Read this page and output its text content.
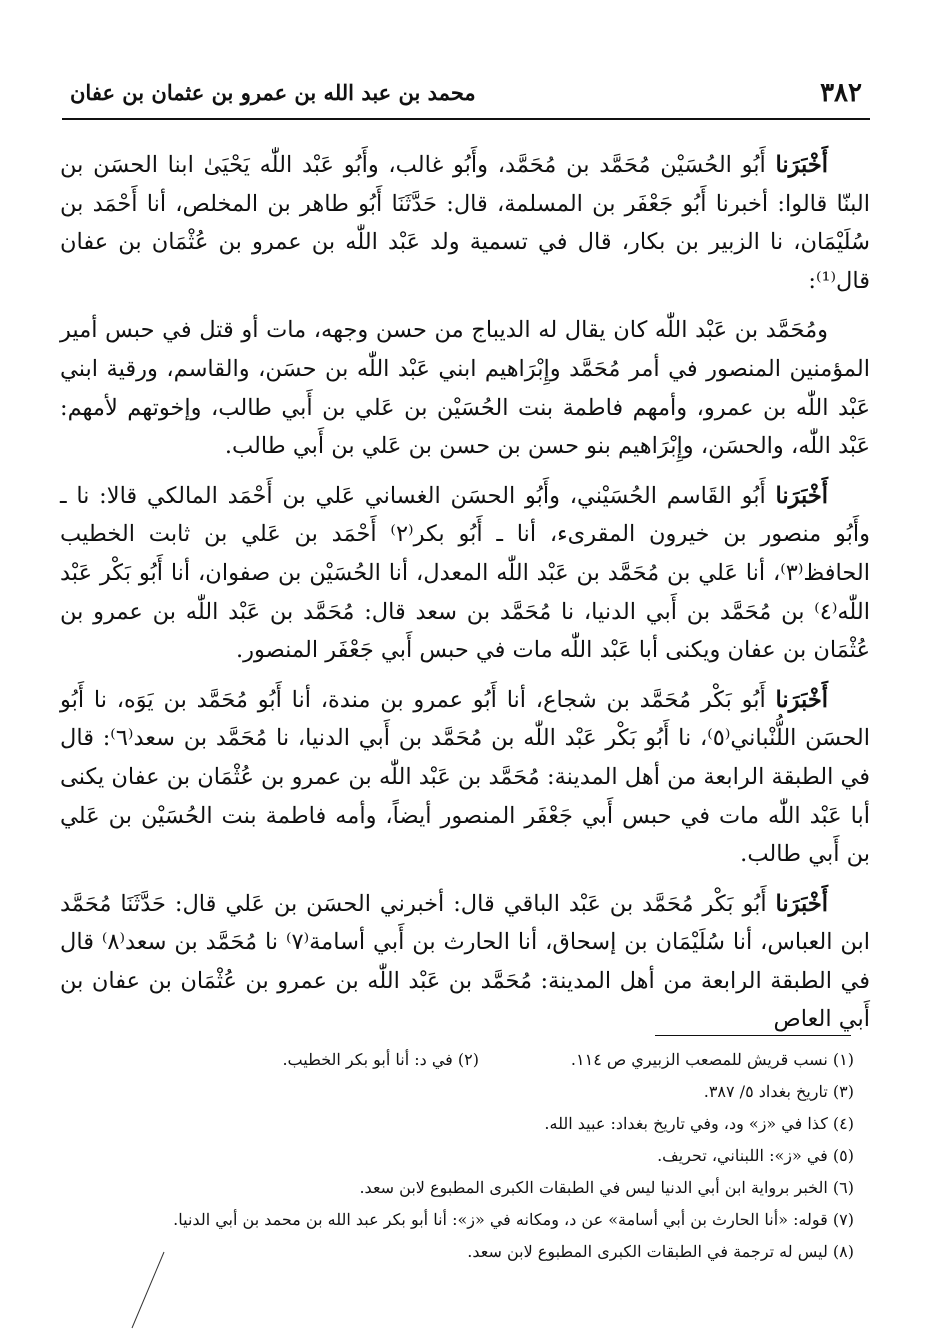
٣٨٢
محمد بن عبد الله بن عمرو بن عثمان بن عفان

أَخْبَرَنا أَبُو الحُسَيْن مُحَمَّد بن مُحَمَّد، وأَبُو غالب، وأَبُو عَبْد اللّٰه يَحْيَىٰ ابنا الحسَن بن البنّا قالوا: أخبرنا أَبُو جَعْفَر بن المسلمة، قال: حَدَّثَنَا أَبُو طاهر بن المخلص، أنا أَحْمَد بن سُلَيْمَان، نا الزبير بن بكار، قال في تسمية ولد عَبْد اللّٰه بن عمرو بن عُثْمَان بن عفان قال⁽¹⁾:

ومُحَمَّد بن عَبْد اللّٰه كان يقال له الديباج من حسن وجهه، مات أو قتل في حبس أمير المؤمنين المنصور في أمر مُحَمَّد وإِبْرَاهيم ابني عَبْد اللّٰه بن حسَن، والقاسم، ورقية ابني عَبْد اللّٰه بن عمرو، وأمهم فاطمة بنت الحُسَيْن بن عَلي بن أَبي طالب، وإخوتهم لأمهم: عَبْد اللّٰه، والحسَن، وإِبْرَاهيم بنو حسن بن حسن بن عَلي بن أَبي طالب.

أَخْبَرَنا أَبُو القَاسم الحُسَيْني، وأَبُو الحسَن الغساني عَلي بن أَحْمَد المالكي قالا: نا ـ وأَبُو منصور بن خيرون المقرىء، أنا ـ أَبُو بكر⁽٢⁾ أَحْمَد بن عَلي بن ثابت الخطيب الحافظ⁽٣⁾، أنا عَلي بن مُحَمَّد بن عَبْد اللّٰه المعدل، أنا الحُسَيْن بن صفوان، أنا أَبُو بَكْر عَبْد اللّٰه⁽٤⁾ بن مُحَمَّد بن أَبي الدنيا، نا مُحَمَّد بن سعد قال: مُحَمَّد بن عَبْد اللّٰه بن عمرو بن عُثْمَان بن عفان ويكنى أبا عَبْد اللّٰه مات في حبس أَبي جَعْفَر المنصور.

أَخْبَرَنا أَبُو بَكْر مُحَمَّد بن شجاع، أنا أَبُو عمرو بن مندة، أنا أَبُو مُحَمَّد بن يَوَه، نا أَبُو الحسَن اللُّنْباني⁽٥⁾، نا أَبُو بَكْر عَبْد اللّٰه بن مُحَمَّد بن أَبي الدنيا، نا مُحَمَّد بن سعد⁽٦⁾: قال في الطبقة الرابعة من أهل المدينة: مُحَمَّد بن عَبْد اللّٰه بن عمرو بن عُثْمَان بن عفان يكنى أبا عَبْد اللّٰه مات في حبس أَبي جَعْفَر المنصور أيضاً، وأمه فاطمة بنت الحُسَيْن بن عَلي بن أَبي طالب.

أَخْبَرَنا أَبُو بَكْر مُحَمَّد بن عَبْد الباقي قال: أخبرني الحسَن بن عَلي قال: حَدَّثَنَا مُحَمَّد ابن العباس، أنا سُلَيْمَان بن إسحاق، أنا الحارث بن أَبي أسامة⁽٧⁾ نا مُحَمَّد بن سعد⁽٨⁾ قال في الطبقة الرابعة من أهل المدينة: مُحَمَّد بن عَبْد اللّٰه بن عمرو بن عُثْمَان بن عفان بن أَبي العاص

(١) نسب قريش للمصعب الزبيري ص ١١٤.
(٢) في د: أنا أبو بكر الخطيب.
(٣) تاريخ بغداد ٥/ ٣٨٧.
(٤) كذا في «ز» ود، وفي تاريخ بغداد: عبيد الله.
(٥) في «ز»: اللبناني، تحريف.
(٦) الخبر برواية ابن أبي الدنيا ليس في الطبقات الكبرى المطبوع لابن سعد.
(٧) قوله: «أنا الحارث بن أبي أسامة» عن د، ومكانه في «ز»: أنا أبو بكر عبد الله بن محمد بن أبي الدنيا.
(٨) ليس له ترجمة في الطبقات الكبرى المطبوع لابن سعد.
